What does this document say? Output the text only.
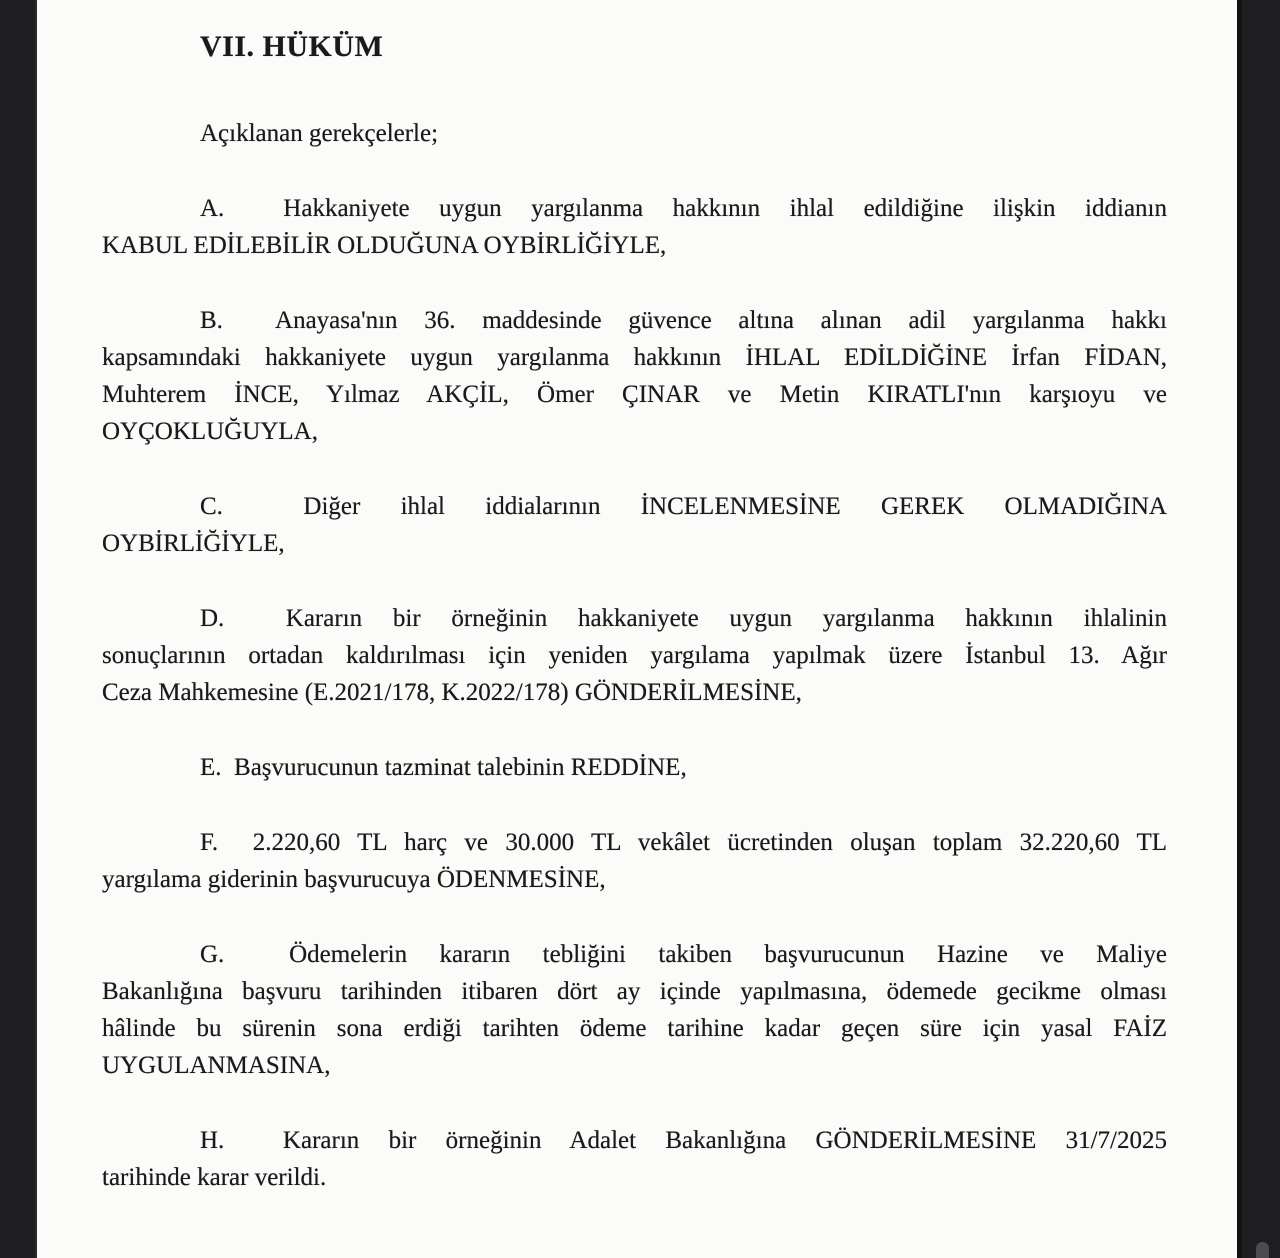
VII. HÜKÜM

Açıklanan gerekçelerle;

A.  Hakkaniyete uygun yargılanma hakkının ihlal edildiğine ilişkin iddianın

KABUL EDİLEBİLİR OLDUĞUNA OYBİRLİĞİYLE,

B.  Anayasa'nın 36. maddesinde güvence altına alınan adil yargılanma hakkı

kapsamındaki hakkaniyete uygun yargılanma hakkının İHLAL EDİLDİĞİNE İrfan FİDAN,

Muhterem İNCE, Yılmaz AKÇİL, Ömer ÇINAR ve Metin KIRATLI'nın karşıoyu ve

OYÇOKLUĞUYLA,

C.  Diğer ihlal iddialarının İNCELENMESİNE GEREK OLMADIĞINA

OYBİRLİĞİYLE,

D.  Kararın bir örneğinin hakkaniyete uygun yargılanma hakkının ihlalinin

sonuçlarının ortadan kaldırılması için yeniden yargılama yapılmak üzere İstanbul 13. Ağır

Ceza Mahkemesine (E.2021/178, K.2022/178) GÖNDERİLMESİNE,

E.  Başvurucunun tazminat talebinin REDDİNE,

F.  2.220,60 TL harç ve 30.000 TL vekâlet ücretinden oluşan toplam 32.220,60 TL

yargılama giderinin başvurucuya ÖDENMESİNE,

G.  Ödemelerin kararın tebliğini takiben başvurucunun Hazine ve Maliye

Bakanlığına başvuru tarihinden itibaren dört ay içinde yapılmasına, ödemede gecikme olması

hâlinde bu sürenin sona erdiği tarihten ödeme tarihine kadar geçen süre için yasal FAİZ

UYGULANMASINA,

H.  Kararın bir örneğinin Adalet Bakanlığına GÖNDERİLMESİNE 31/7/2025

tarihinde karar verildi.
